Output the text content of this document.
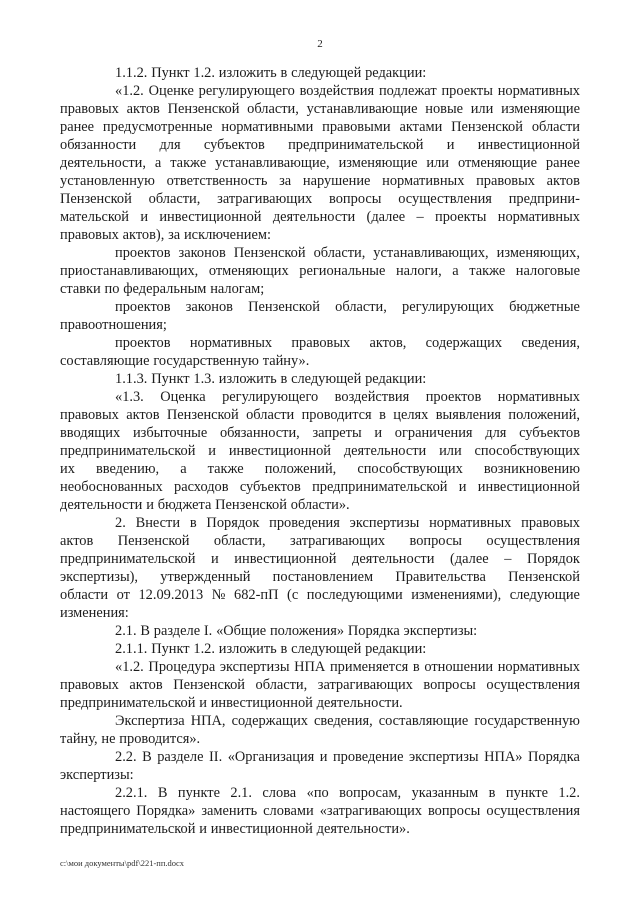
2
1.1.2. Пункт 1.2. изложить в следующей редакции:
«1.2. Оценке регулирующего воздействия подлежат проекты нормативных
правовых актов Пензенской области, устанавливающие новые или изменяющие
ранее предусмотренные нормативными правовыми актами Пензенской области
обязанности для субъектов предпринимательской и инвестиционной
деятельности, а также устанавливающие, изменяющие или отменяющие ранее
установленную ответственность за нарушение нормативных правовых актов
Пензенской области, затрагивающих вопросы осуществления предприни-
мательской и инвестиционной деятельности (далее – проекты нормативных
правовых актов), за исключением:
проектов законов Пензенской области, устанавливающих, изменяющих,
приостанавливающих, отменяющих региональные налоги, а также налоговые
ставки по федеральным налогам;
проектов законов Пензенской области, регулирующих бюджетные
правоотношения;
проектов нормативных правовых актов, содержащих сведения,
составляющие государственную тайну».
1.1.3. Пункт 1.3. изложить в следующей редакции:
«1.3. Оценка регулирующего воздействия проектов нормативных
правовых актов Пензенской области проводится в целях выявления положений,
вводящих избыточные обязанности, запреты и ограничения для субъектов
предпринимательской и инвестиционной деятельности или способствующих
их введению, а также положений, способствующих возникновению
необоснованных расходов субъектов предпринимательской и инвестиционной
деятельности и бюджета Пензенской области».
2. Внести в Порядок проведения экспертизы нормативных правовых
актов Пензенской области, затрагивающих вопросы осуществления
предпринимательской и инвестиционной деятельности (далее – Порядок
экспертизы), утвержденный постановлением Правительства Пензенской
области от 12.09.2013 № 682-пП (с последующими изменениями), следующие
изменения:
2.1. В разделе I. «Общие положения» Порядка экспертизы:
2.1.1. Пункт 1.2. изложить в следующей редакции:
«1.2. Процедура экспертизы НПА применяется в отношении нормативных
правовых актов Пензенской области, затрагивающих вопросы осуществления
предпринимательской и инвестиционной деятельности.
Экспертиза НПА, содержащих сведения, составляющие государственную
тайну, не проводится».
2.2. В разделе II. «Организация и проведение экспертизы НПА» Порядка
экспертизы:
2.2.1. В пункте 2.1. слова «по вопросам, указанным в пункте 1.2.
настоящего Порядка» заменить словами «затрагивающих вопросы осуществления
предпринимательской и инвестиционной деятельности».
c:\мои документы\pdf\221-пп.docx
